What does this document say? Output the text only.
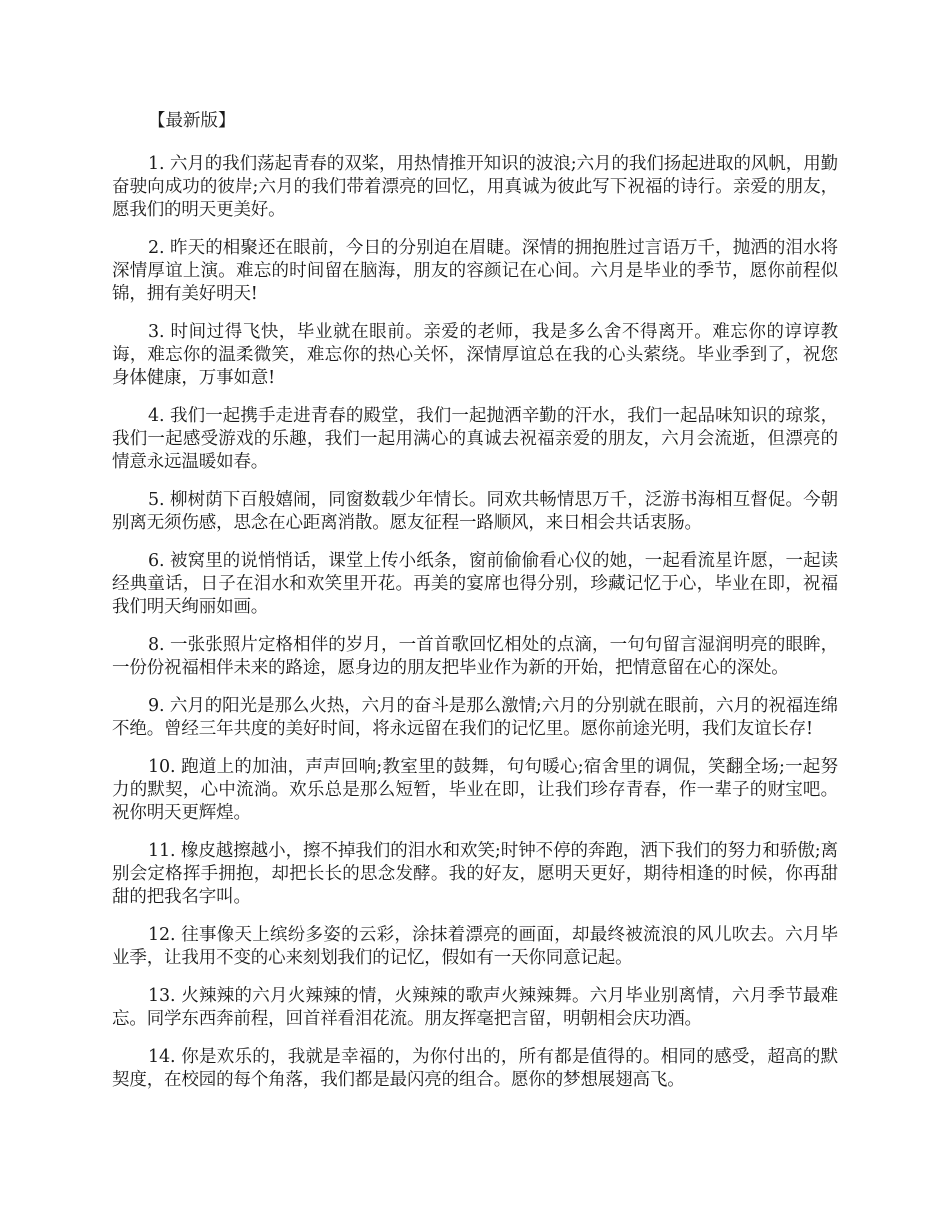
【最新版】

1. 六月的我们荡起青春的双桨，用热情推开知识的波浪;六月的我们扬起进取的风帆，用勤奋驶向成功的彼岸;六月的我们带着漂亮的回忆，用真诚为彼此写下祝福的诗行。亲爱的朋友，愿我们的明天更美好。

2. 昨天的相聚还在眼前，今日的分别迫在眉睫。深情的拥抱胜过言语万千，抛洒的泪水将深情厚谊上演。难忘的时间留在脑海，朋友的容颜记在心间。六月是毕业的季节，愿你前程似锦，拥有美好明天!

3. 时间过得飞快，毕业就在眼前。亲爱的老师，我是多么舍不得离开。难忘你的谆谆教诲，难忘你的温柔微笑，难忘你的热心关怀，深情厚谊总在我的心头萦绕。毕业季到了，祝您身体健康，万事如意!

4. 我们一起携手走进青春的殿堂，我们一起抛洒辛勤的汗水，我们一起品味知识的琼浆，我们一起感受游戏的乐趣，我们一起用满心的真诚去祝福亲爱的朋友，六月会流逝，但漂亮的情意永远温暖如春。

5. 柳树荫下百般嬉闹，同窗数载少年情长。同欢共畅情思万千，泛游书海相互督促。今朝别离无须伤感，思念在心距离消散。愿友征程一路顺风，来日相会共话衷肠。

6. 被窝里的说悄悄话，课堂上传小纸条，窗前偷偷看心仪的她，一起看流星许愿，一起读经典童话，日子在泪水和欢笑里开花。再美的宴席也得分别，珍藏记忆于心，毕业在即，祝福我们明天绚丽如画。

8. 一张张照片定格相伴的岁月，一首首歌回忆相处的点滴，一句句留言湿润明亮的眼眸，一份份祝福相伴未来的路途，愿身边的朋友把毕业作为新的开始，把情意留在心的深处。

9. 六月的阳光是那么火热，六月的奋斗是那么激情;六月的分别就在眼前，六月的祝福连绵不绝。曾经三年共度的美好时间，将永远留在我们的记忆里。愿你前途光明，我们友谊长存!

10. 跑道上的加油，声声回响;教室里的鼓舞，句句暖心;宿舍里的调侃，笑翻全场;一起努力的默契，心中流淌。欢乐总是那么短暂，毕业在即，让我们珍存青春，作一辈子的财宝吧。祝你明天更辉煌。

11. 橡皮越擦越小，擦不掉我们的泪水和欢笑;时钟不停的奔跑，洒下我们的努力和骄傲;离别会定格挥手拥抱，却把长长的思念发酵。我的好友，愿明天更好，期待相逢的时候，你再甜甜的把我名字叫。

12. 往事像天上缤纷多姿的云彩，涂抹着漂亮的画面，却最终被流浪的风儿吹去。六月毕业季，让我用不变的心来刻划我们的记忆，假如有一天你同意记起。

13. 火辣辣的六月火辣辣的情，火辣辣的歌声火辣辣舞。六月毕业别离情，六月季节最难忘。同学东西奔前程，回首祥看泪花流。朋友挥毫把言留，明朝相会庆功酒。

14. 你是欢乐的，我就是幸福的，为你付出的，所有都是值得的。相同的感受，超高的默契度，在校园的每个角落，我们都是最闪亮的组合。愿你的梦想展翅高飞。
